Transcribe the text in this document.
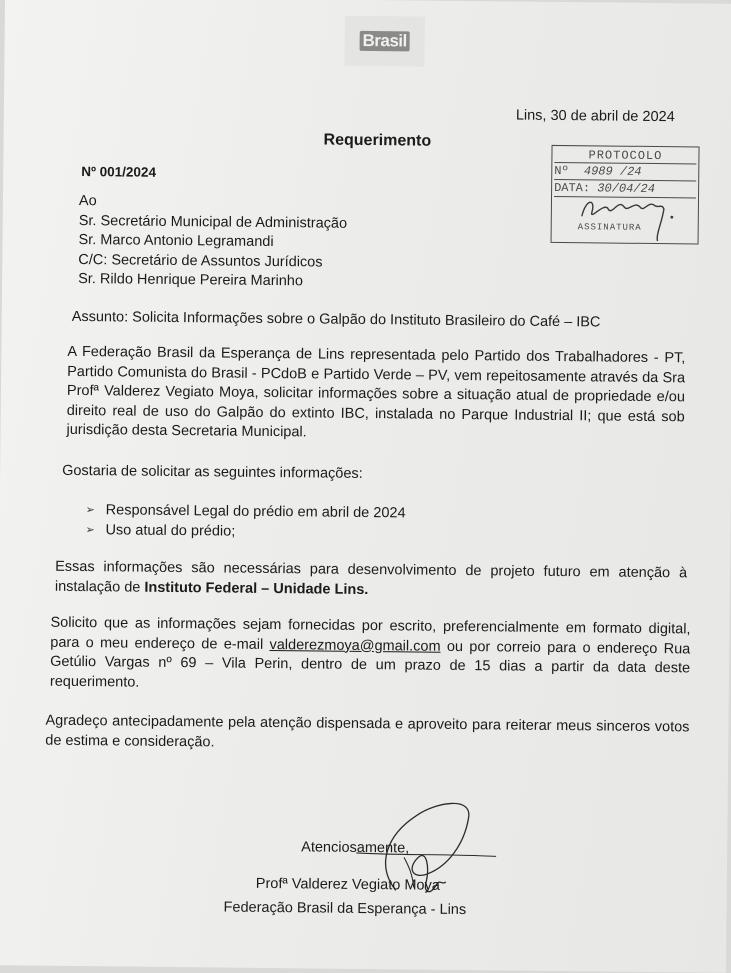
Brasil
Lins, 30 de abril de 2024
Requerimento
Nº 001/2024
PROTOCOLO
Nº 4989 /24
DATA: 30/04/24
ASSINATURA
Ao
Sr. Secretário Municipal de Administração
Sr. Marco Antonio Legramandi
C/C: Secretário de Assuntos Jurídicos
Sr. Rildo Henrique Pereira Marinho
Assunto: Solicita Informações sobre o Galpão do Instituto Brasileiro do Café – IBC
A Federação Brasil da Esperança de Lins representada pelo Partido dos Trabalhadores - PT, Partido Comunista do Brasil - PCdoB e Partido Verde – PV, vem repeitosamente através da Sra Profª Valderez Vegiato Moya, solicitar informações sobre a situação atual de propriedade e/ou direito real de uso do Galpão do extinto IBC, instalada no Parque Industrial II; que está sob jurisdição desta Secretaria Municipal.
Gostaria de solicitar as seguintes informações:
➢ Responsável Legal do prédio em abril de 2024
➢ Uso atual do prédio;
Essas informações são necessárias para desenvolvimento de projeto futuro em atenção à instalação de Instituto Federal – Unidade Lins.
Solicito que as informações sejam fornecidas por escrito, preferencialmente em formato digital, para o meu endereço de e-mail valderezmoya@gmail.com ou por correio para o endereço Rua Getúlio Vargas nº 69 – Vila Perin, dentro de um prazo de 15 dias a partir da data deste requerimento.
Agradeço antecipadamente pela atenção dispensada e aproveito para reiterar meus sinceros votos de estima e consideração.
Atenciosamente,
Profª Valderez Vegiato Moya
Federação Brasil da Esperança - Lins
